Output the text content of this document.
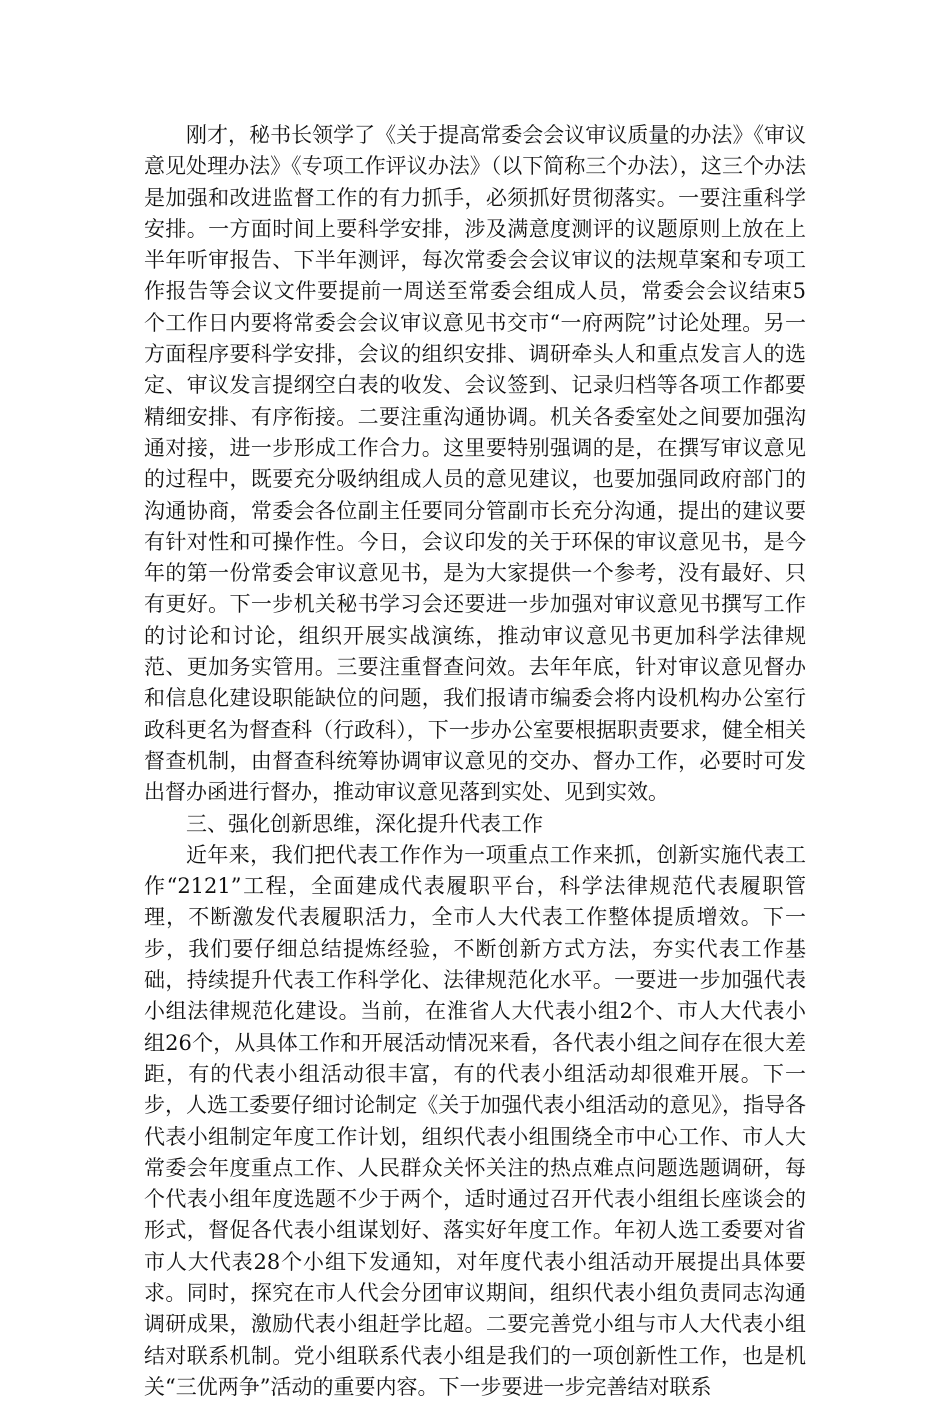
刚才，秘书长领学了《关于提高常委会会议审议质量的办法》《审议意见处理办法》《专项工作评议办法》（以下简称三个办法），这三个办法是加强和改进监督工作的有力抓手，必须抓好贯彻落实。一要注重科学安排。一方面时间上要科学安排，涉及满意度测评的议题原则上放在上半年听审报告、下半年测评，每次常委会会议审议的法规草案和专项工作报告等会议文件要提前一周送至常委会组成人员，常委会会议结束5个工作日内要将常委会会议审议意见书交市“一府两院”讨论处理。另一方面程序要科学安排，会议的组织安排、调研牵头人和重点发言人的选定、审议发言提纲空白表的收发、会议签到、记录归档等各项工作都要精细安排、有序衔接。二要注重沟通协调。机关各委室处之间要加强沟通对接，进一步形成工作合力。这里要特别强调的是，在撰写审议意见的过程中，既要充分吸纳组成人员的意见建议，也要加强同政府部门的沟通协商，常委会各位副主任要同分管副市长充分沟通，提出的建议要有针对性和可操作性。今日，会议印发的关于环保的审议意见书，是今年的第一份常委会审议意见书，是为大家提供一个参考，没有最好、只有更好。下一步机关秘书学习会还要进一步加强对审议意见书撰写工作的讨论和讨论，组织开展实战演练，推动审议意见书更加科学法律规范、更加务实管用。三要注重督查问效。去年年底，针对审议意见督办和信息化建设职能缺位的问题，我们报请市编委会将内设机构办公室行政科更名为督查科（行政科），下一步办公室要根据职责要求，健全相关督查机制，由督查科统筹协调审议意见的交办、督办工作，必要时可发出督办函进行督办，推动审议意见落到实处、见到实效。

三、强化创新思维，深化提升代表工作

近年来，我们把代表工作作为一项重点工作来抓，创新实施代表工作“2121”工程，全面建成代表履职平台，科学法律规范代表履职管理，不断激发代表履职活力，全市人大代表工作整体提质增效。下一步，我们要仔细总结提炼经验，不断创新方式方法，夯实代表工作基础，持续提升代表工作科学化、法律规范化水平。一要进一步加强代表小组法律规范化建设。当前，在淮省人大代表小组2个、市人大代表小组26个，从具体工作和开展活动情况来看，各代表小组之间存在很大差距，有的代表小组活动很丰富，有的代表小组活动却很难开展。下一步，人选工委要仔细讨论制定《关于加强代表小组活动的意见》，指导各代表小组制定年度工作计划，组织代表小组围绕全市中心工作、市人大常委会年度重点工作、人民群众关怀关注的热点难点问题选题调研，每个代表小组年度选题不少于两个，适时通过召开代表小组组长座谈会的形式，督促各代表小组谋划好、落实好年度工作。年初人选工委要对省市人大代表28个小组下发通知，对年度代表小组活动开展提出具体要求。同时，探究在市人代会分团审议期间，组织代表小组负责同志沟通调研成果，激励代表小组赶学比超。二要完善党小组与市人大代表小组结对联系机制。党小组联系代表小组是我们的一项创新性工作，也是机关“三优两争”活动的重要内容。下一步要进一步完善结对联系
